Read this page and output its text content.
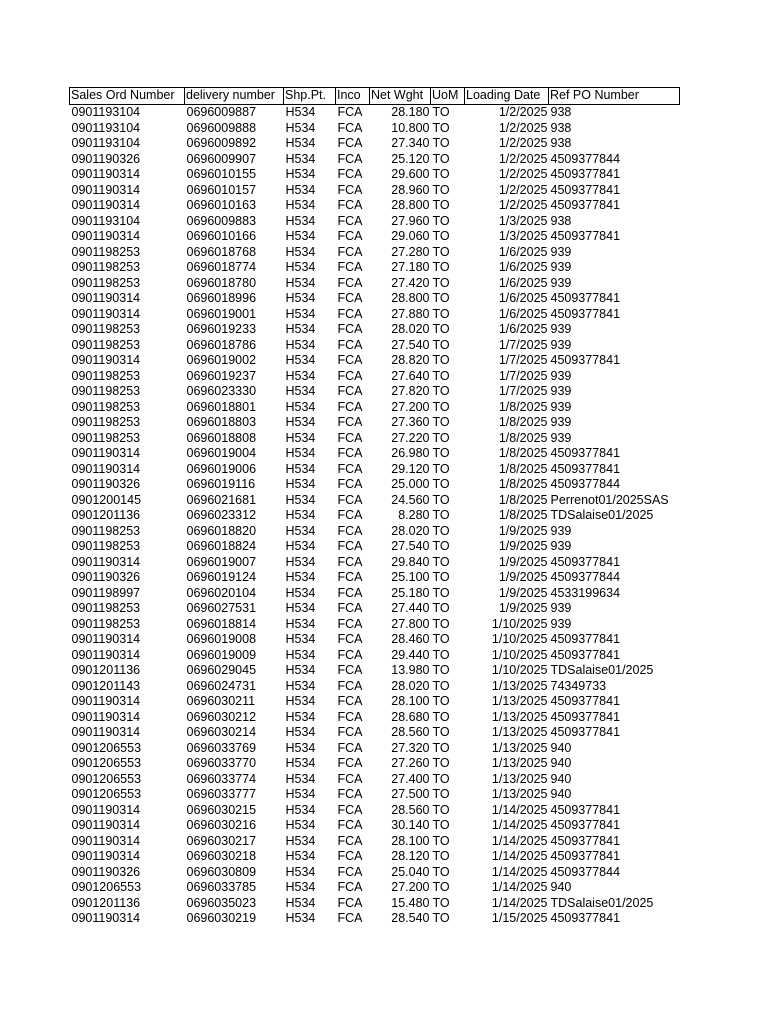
Sales Ord Number	delivery number	Shp.Pt.	Inco	Net Wght	UoM	Loading Date	Ref PO Number
0901193104	0696009887	H534	FCA	28.180	TO	1/2/2025	938
0901193104	0696009888	H534	FCA	10.800	TO	1/2/2025	938
0901193104	0696009892	H534	FCA	27.340	TO	1/2/2025	938
0901190326	0696009907	H534	FCA	25.120	TO	1/2/2025	4509377844
0901190314	0696010155	H534	FCA	29.600	TO	1/2/2025	4509377841
0901190314	0696010157	H534	FCA	28.960	TO	1/2/2025	4509377841
0901190314	0696010163	H534	FCA	28.800	TO	1/2/2025	4509377841
0901193104	0696009883	H534	FCA	27.960	TO	1/3/2025	938
0901190314	0696010166	H534	FCA	29.060	TO	1/3/2025	4509377841
0901198253	0696018768	H534	FCA	27.280	TO	1/6/2025	939
0901198253	0696018774	H534	FCA	27.180	TO	1/6/2025	939
0901198253	0696018780	H534	FCA	27.420	TO	1/6/2025	939
0901190314	0696018996	H534	FCA	28.800	TO	1/6/2025	4509377841
0901190314	0696019001	H534	FCA	27.880	TO	1/6/2025	4509377841
0901198253	0696019233	H534	FCA	28.020	TO	1/6/2025	939
0901198253	0696018786	H534	FCA	27.540	TO	1/7/2025	939
0901190314	0696019002	H534	FCA	28.820	TO	1/7/2025	4509377841
0901198253	0696019237	H534	FCA	27.640	TO	1/7/2025	939
0901198253	0696023330	H534	FCA	27.820	TO	1/7/2025	939
0901198253	0696018801	H534	FCA	27.200	TO	1/8/2025	939
0901198253	0696018803	H534	FCA	27.360	TO	1/8/2025	939
0901198253	0696018808	H534	FCA	27.220	TO	1/8/2025	939
0901190314	0696019004	H534	FCA	26.980	TO	1/8/2025	4509377841
0901190314	0696019006	H534	FCA	29.120	TO	1/8/2025	4509377841
0901190326	0696019116	H534	FCA	25.000	TO	1/8/2025	4509377844
0901200145	0696021681	H534	FCA	24.560	TO	1/8/2025	Perrenot01/2025SAS
0901201136	0696023312	H534	FCA	8.280	TO	1/8/2025	TDSalaise01/2025
0901198253	0696018820	H534	FCA	28.020	TO	1/9/2025	939
0901198253	0696018824	H534	FCA	27.540	TO	1/9/2025	939
0901190314	0696019007	H534	FCA	29.840	TO	1/9/2025	4509377841
0901190326	0696019124	H534	FCA	25.100	TO	1/9/2025	4509377844
0901198997	0696020104	H534	FCA	25.180	TO	1/9/2025	4533199634
0901198253	0696027531	H534	FCA	27.440	TO	1/9/2025	939
0901198253	0696018814	H534	FCA	27.800	TO	1/10/2025	939
0901190314	0696019008	H534	FCA	28.460	TO	1/10/2025	4509377841
0901190314	0696019009	H534	FCA	29.440	TO	1/10/2025	4509377841
0901201136	0696029045	H534	FCA	13.980	TO	1/10/2025	TDSalaise01/2025
0901201143	0696024731	H534	FCA	28.020	TO	1/13/2025	74349733
0901190314	0696030211	H534	FCA	28.100	TO	1/13/2025	4509377841
0901190314	0696030212	H534	FCA	28.680	TO	1/13/2025	4509377841
0901190314	0696030214	H534	FCA	28.560	TO	1/13/2025	4509377841
0901206553	0696033769	H534	FCA	27.320	TO	1/13/2025	940
0901206553	0696033770	H534	FCA	27.260	TO	1/13/2025	940
0901206553	0696033774	H534	FCA	27.400	TO	1/13/2025	940
0901206553	0696033777	H534	FCA	27.500	TO	1/13/2025	940
0901190314	0696030215	H534	FCA	28.560	TO	1/14/2025	4509377841
0901190314	0696030216	H534	FCA	30.140	TO	1/14/2025	4509377841
0901190314	0696030217	H534	FCA	28.100	TO	1/14/2025	4509377841
0901190314	0696030218	H534	FCA	28.120	TO	1/14/2025	4509377841
0901190326	0696030809	H534	FCA	25.040	TO	1/14/2025	4509377844
0901206553	0696033785	H534	FCA	27.200	TO	1/14/2025	940
0901201136	0696035023	H534	FCA	15.480	TO	1/14/2025	TDSalaise01/2025
0901190314	0696030219	H534	FCA	28.540	TO	1/15/2025	4509377841
